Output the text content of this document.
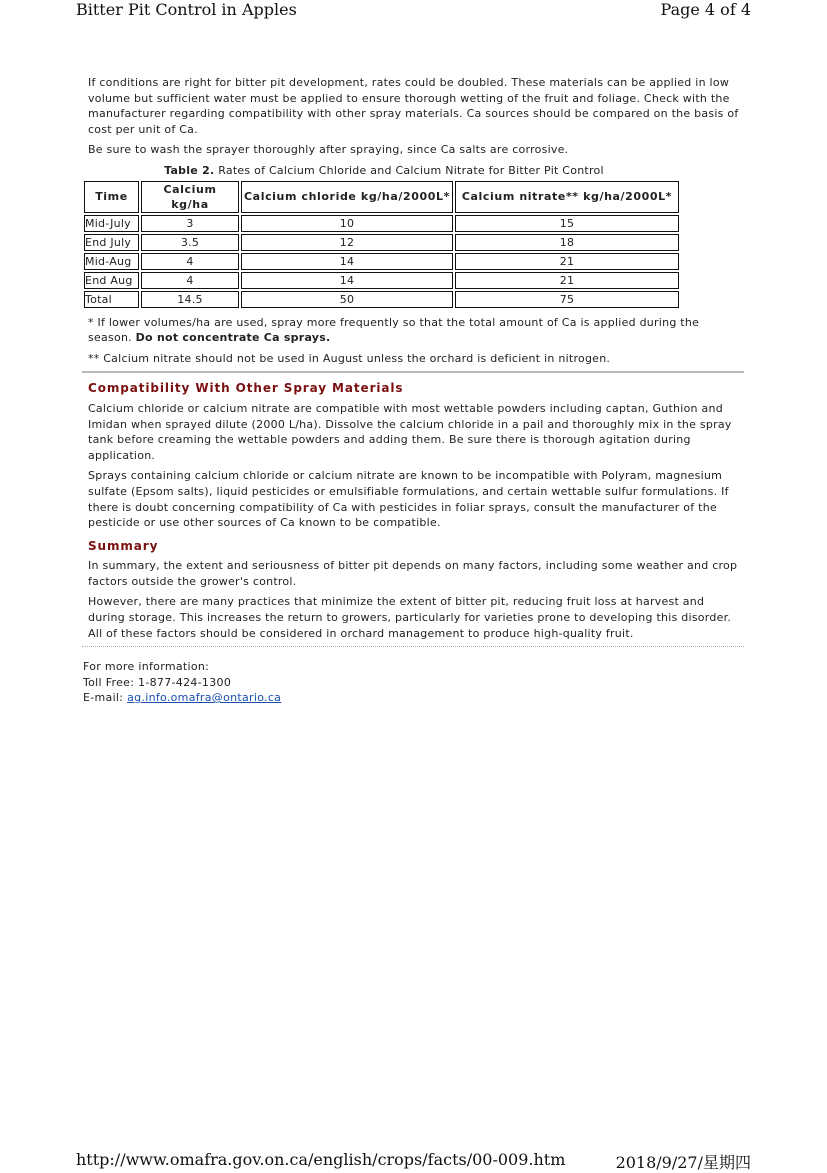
Bitter Pit Control in Apples	Page 4 of 4

If conditions are right for bitter pit development, rates could be doubled. These materials can be applied in low volume but sufficient water must be applied to ensure thorough wetting of the fruit and foliage. Check with the manufacturer regarding compatibility with other spray materials. Ca sources should be compared on the basis of cost per unit of Ca.

Be sure to wash the sprayer thoroughly after spraying, since Ca salts are corrosive.

Table 2. Rates of Calcium Chloride and Calcium Nitrate for Bitter Pit Control
Time	Calcium kg/ha	Calcium chloride kg/ha/2000L*	Calcium nitrate** kg/ha/2000L*
Mid-July	3	10	15
End July	3.5	12	18
Mid-Aug	4	14	21
End Aug	4	14	21
Total	14.5	50	75

* If lower volumes/ha are used, spray more frequently so that the total amount of Ca is applied during the season. Do not concentrate Ca sprays.

** Calcium nitrate should not be used in August unless the orchard is deficient in nitrogen.

Compatibility With Other Spray Materials

Calcium chloride or calcium nitrate are compatible with most wettable powders including captan, Guthion and Imidan when sprayed dilute (2000 L/ha). Dissolve the calcium chloride in a pail and thoroughly mix in the spray tank before creaming the wettable powders and adding them. Be sure there is thorough agitation during application.

Sprays containing calcium chloride or calcium nitrate are known to be incompatible with Polyram, magnesium sulfate (Epsom salts), liquid pesticides or emulsifiable formulations, and certain wettable sulfur formulations. If there is doubt concerning compatibility of Ca with pesticides in foliar sprays, consult the manufacturer of the pesticide or use other sources of Ca known to be compatible.

Summary

In summary, the extent and seriousness of bitter pit depends on many factors, including some weather and crop factors outside the grower's control.

However, there are many practices that minimize the extent of bitter pit, reducing fruit loss at harvest and during storage. This increases the return to growers, particularly for varieties prone to developing this disorder. All of these factors should be considered in orchard management to produce high-quality fruit.

For more information:
Toll Free: 1-877-424-1300
E-mail: ag.info.omafra@ontario.ca
http://www.omafra.gov.on.ca/english/crops/facts/00-009.htm	2018/9/27/星期四
